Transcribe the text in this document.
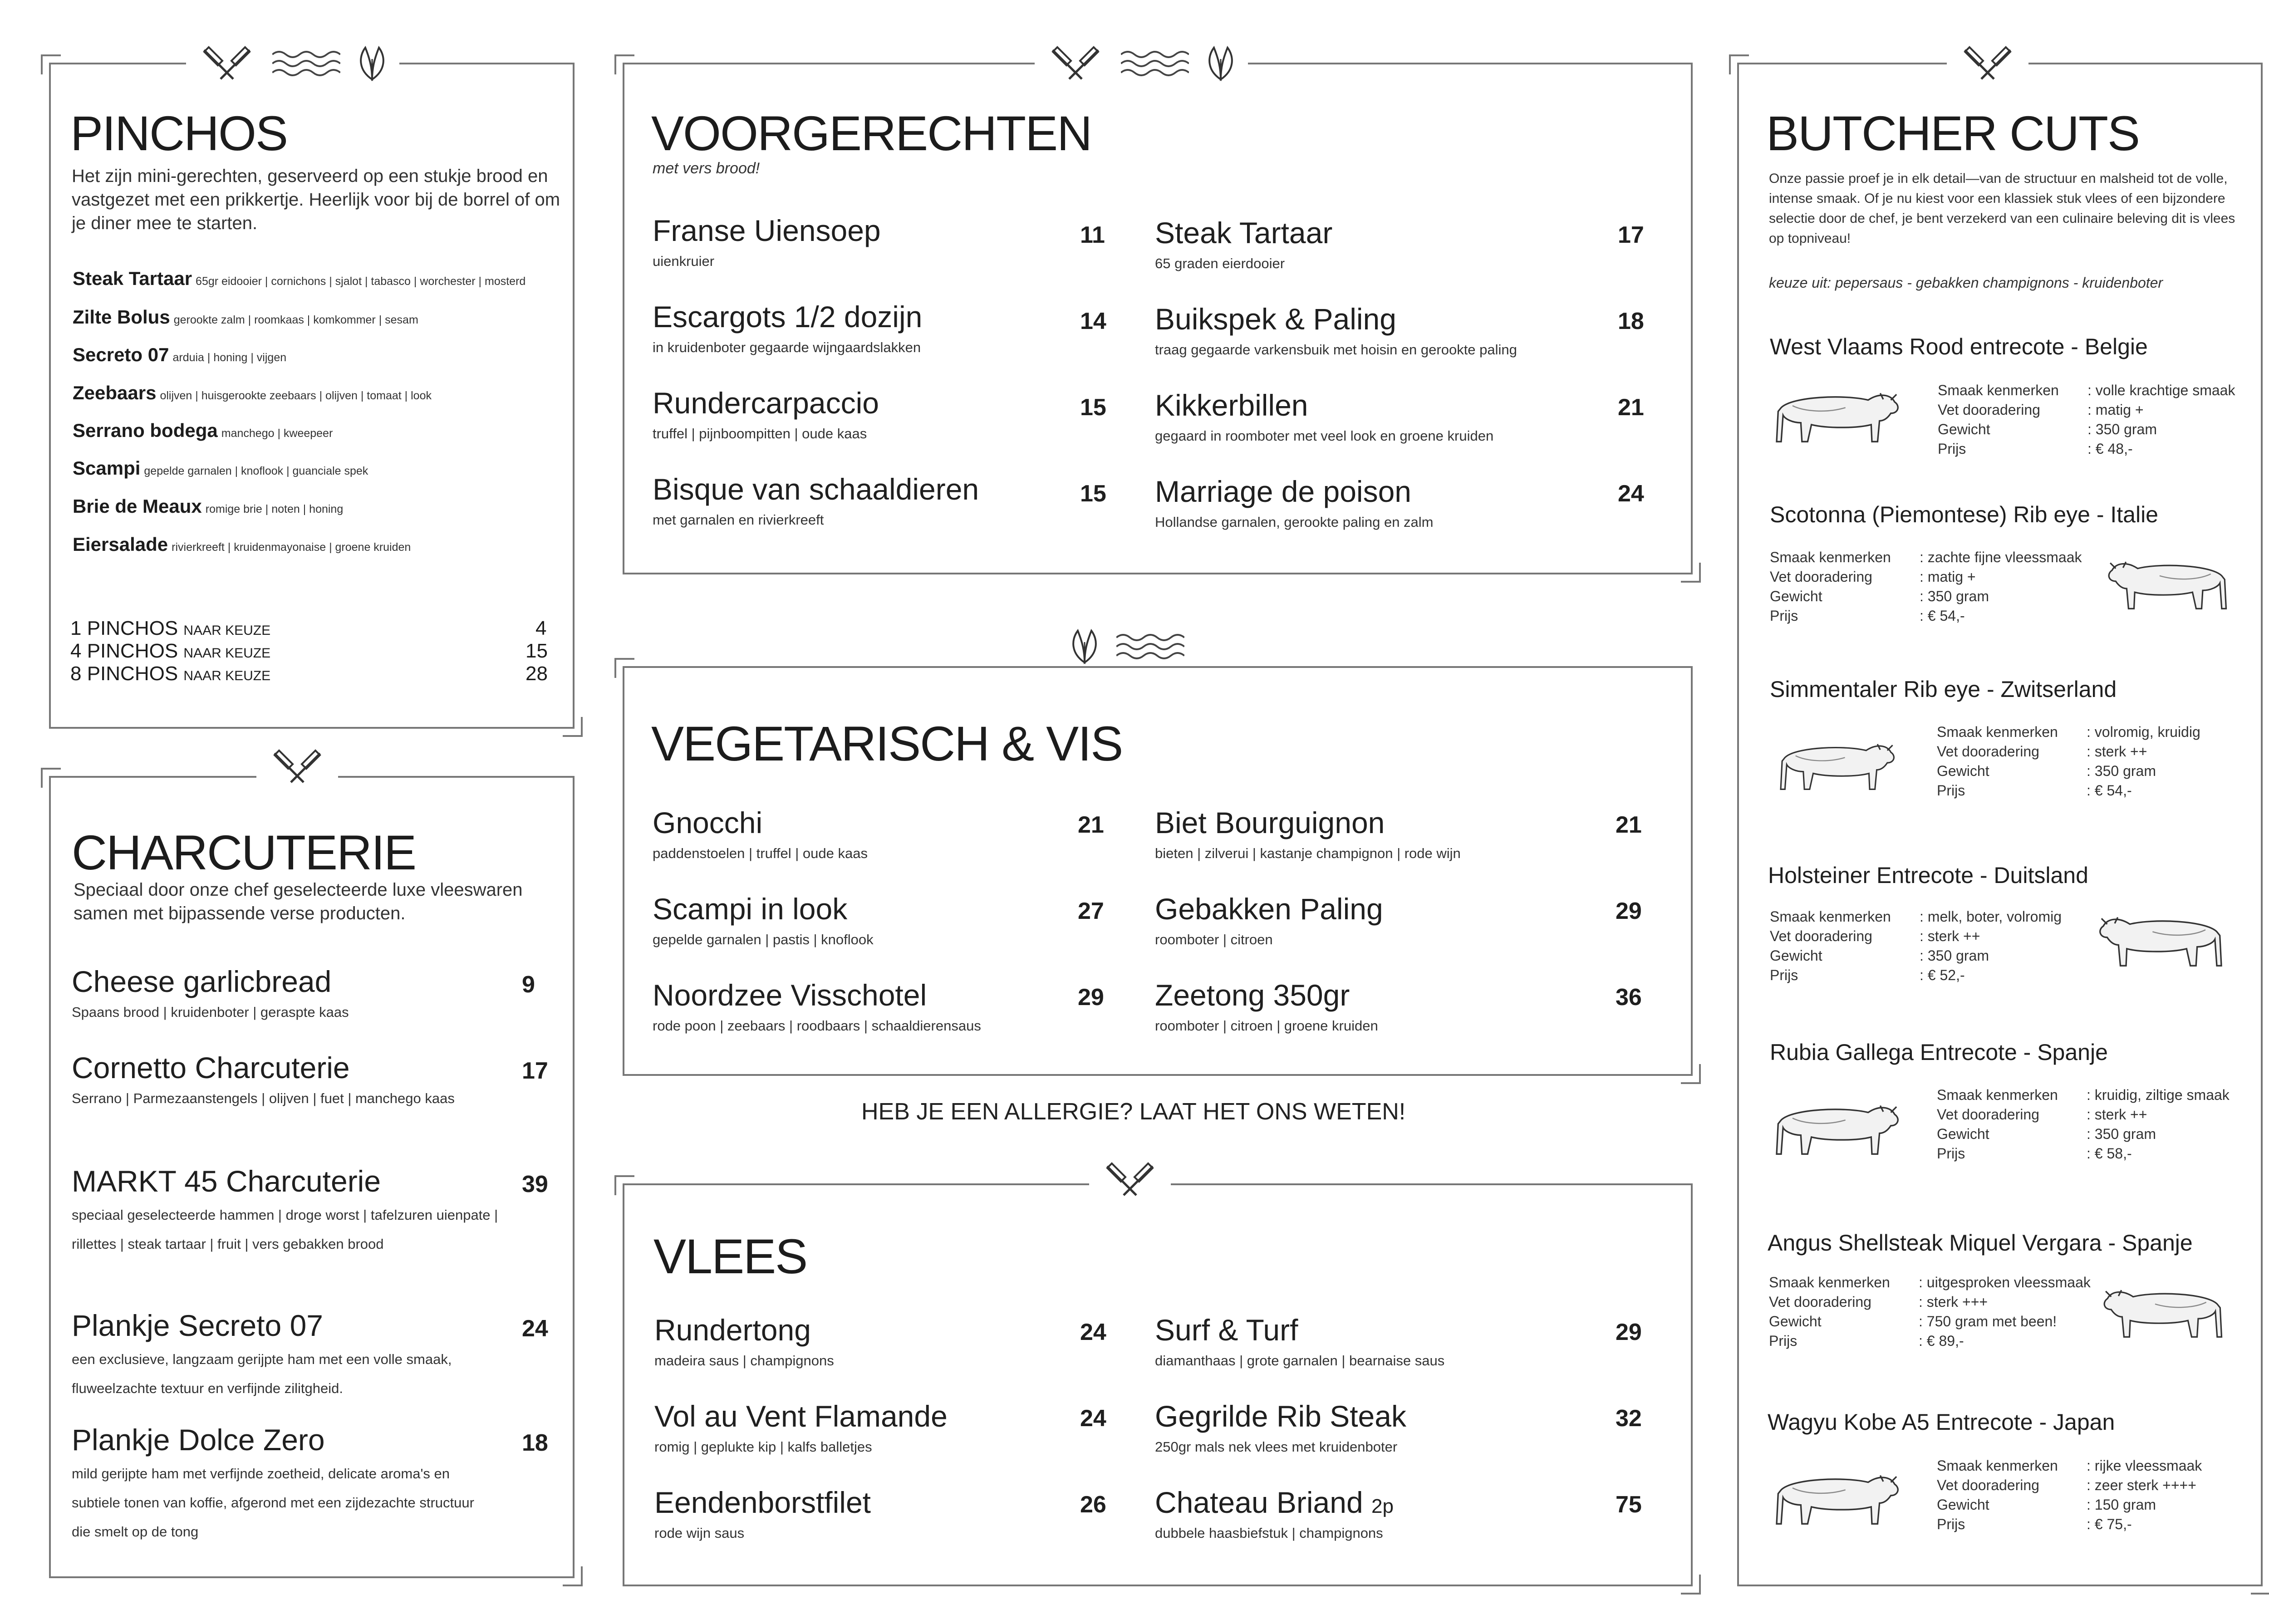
PINCHOS
Het zijn mini-gerechten, geserveerd op een stukje brood en vastgezet met een prikkertje. Heerlijk voor bij de borrel of om je diner mee te starten.
Steak Tartaar 65gr eidooier | cornichons | sjalot | tabasco | worchester | mosterd
Zilte Bolus gerookte zalm | roomkaas | komkommer | sesam
Secreto 07 arduia | honing | vijgen
Zeebaars olijven | huisgerookte zeebaars | olijven | tomaat | look
Serrano bodega manchego | kweepeer
Scampi gepelde garnalen | knoflook | guanciale spek
Brie de Meaux romige brie | noten | honing
Eiersalade rivierkreeft | kruidenmayonaise | groene kruiden
1 PINCHOS NAAR KEUZE	4
4 PINCHOS NAAR KEUZE	15
8 PINCHOS NAAR KEUZE	28
CHARCUTERIE
Speciaal door onze chef geselecteerde luxe vleeswaren samen met bijpassende verse producten.
Cheese garlicbread
Spaans brood | kruidenboter | geraspte kaas
9
Cornetto Charcuterie
Serrano | Parmezaanstengels | olijven | fuet | manchego kaas
17
MARKT 45 Charcuterie
speciaal geselecteerde hammen | droge worst | tafelzuren uienpate | rillettes | steak tartaar | fruit | vers gebakken brood
39
Plankje Secreto 07
een exclusieve, langzaam gerijpte ham met een volle smaak, fluweelzachte textuur en verfijnde zilitgheid.
24
Plankje Dolce Zero
mild gerijpte ham met verfijnde zoetheid, delicate aroma's en subtiele tonen van koffie, afgerond met een zijdezachte structuur die smelt op de tong
18
VOORGERECHTEN
met vers brood!
Franse Uiensoep
uienkruier
11
Escargots 1/2 dozijn
in kruidenboter gegaarde wijngaardslakken
14
Rundercarpaccio
truffel | pijnboompitten | oude kaas
15
Bisque van schaaldieren
met garnalen en rivierkreeft
15
Steak Tartaar
65 graden eierdooier
17
Buikspek & Paling
traag gegaarde varkensbuik met hoisin en gerookte paling
18
Kikkerbillen
gegaard in roomboter met veel look en groene kruiden
21
Marriage de poison
Hollandse garnalen, gerookte paling en zalm
24
VEGETARISCH & VIS
Gnocchi
paddenstoelen | truffel | oude kaas
21
Scampi in look
gepelde garnalen | pastis | knoflook
27
Noordzee Visschotel
rode poon | zeebaars | roodbaars | schaaldierensaus
29
Biet Bourguignon
bieten | zilverui | kastanje champignon | rode wijn
21
Gebakken Paling
roomboter | citroen
29
Zeetong 350gr
roomboter | citroen | groene kruiden
36
HEB JE EEN ALLERGIE? LAAT HET ONS WETEN!
VLEES
Rundertong
madeira saus | champignons
24
Vol au Vent Flamande
romig | geplukte kip | kalfs balletjes
24
Eendenborstfilet
rode wijn saus
26
Surf & Turf
diamanthaas | grote garnalen | bearnaise saus
29
Gegrilde Rib Steak
250gr mals nek vlees met kruidenboter
32
Chateau Briand 2p
dubbele haasbiefstuk | champignons
75
BUTCHER CUTS
Onze passie proef je in elk detail—van de structuur en malsheid tot de volle, intense smaak. Of je nu kiest voor een klassiek stuk vlees of een bijzondere selectie door de chef, je bent verzekerd van een culinaire beleving dit is vlees op topniveau!
keuze uit: pepersaus - gebakken champignons - kruidenboter
West Vlaams Rood entrecote - Belgie
Smaak kenmerken	: volle krachtige smaak
Vet dooradering	: matig +
Gewicht	: 350 gram
Prijs	: € 48,-
Scotonna (Piemontese) Rib eye - Italie
Smaak kenmerken	: zachte fijne vleessmaak
Vet dooradering	: matig +
Gewicht	: 350 gram
Prijs	: € 54,-
Simmentaler Rib eye - Zwitserland
Smaak kenmerken	: volromig, kruidig
Vet dooradering	: sterk ++
Gewicht	: 350 gram
Prijs	: € 54,-
Holsteiner Entrecote - Duitsland
Smaak kenmerken	: melk, boter, volromig
Vet dooradering	: sterk ++
Gewicht	: 350 gram
Prijs	: € 52,-
Rubia Gallega Entrecote - Spanje
Smaak kenmerken	: kruidig, ziltige smaak
Vet dooradering	: sterk ++
Gewicht	: 350 gram
Prijs	: € 58,-
Angus Shellsteak Miquel Vergara - Spanje
Smaak kenmerken	: uitgesproken vleessmaak
Vet dooradering	: sterk +++
Gewicht	: 750 gram met been!
Prijs	: € 89,-
Wagyu Kobe A5 Entrecote - Japan
Smaak kenmerken	: rijke vleessmaak
Vet dooradering	: zeer sterk ++++
Gewicht	: 150 gram
Prijs	: € 75,-
